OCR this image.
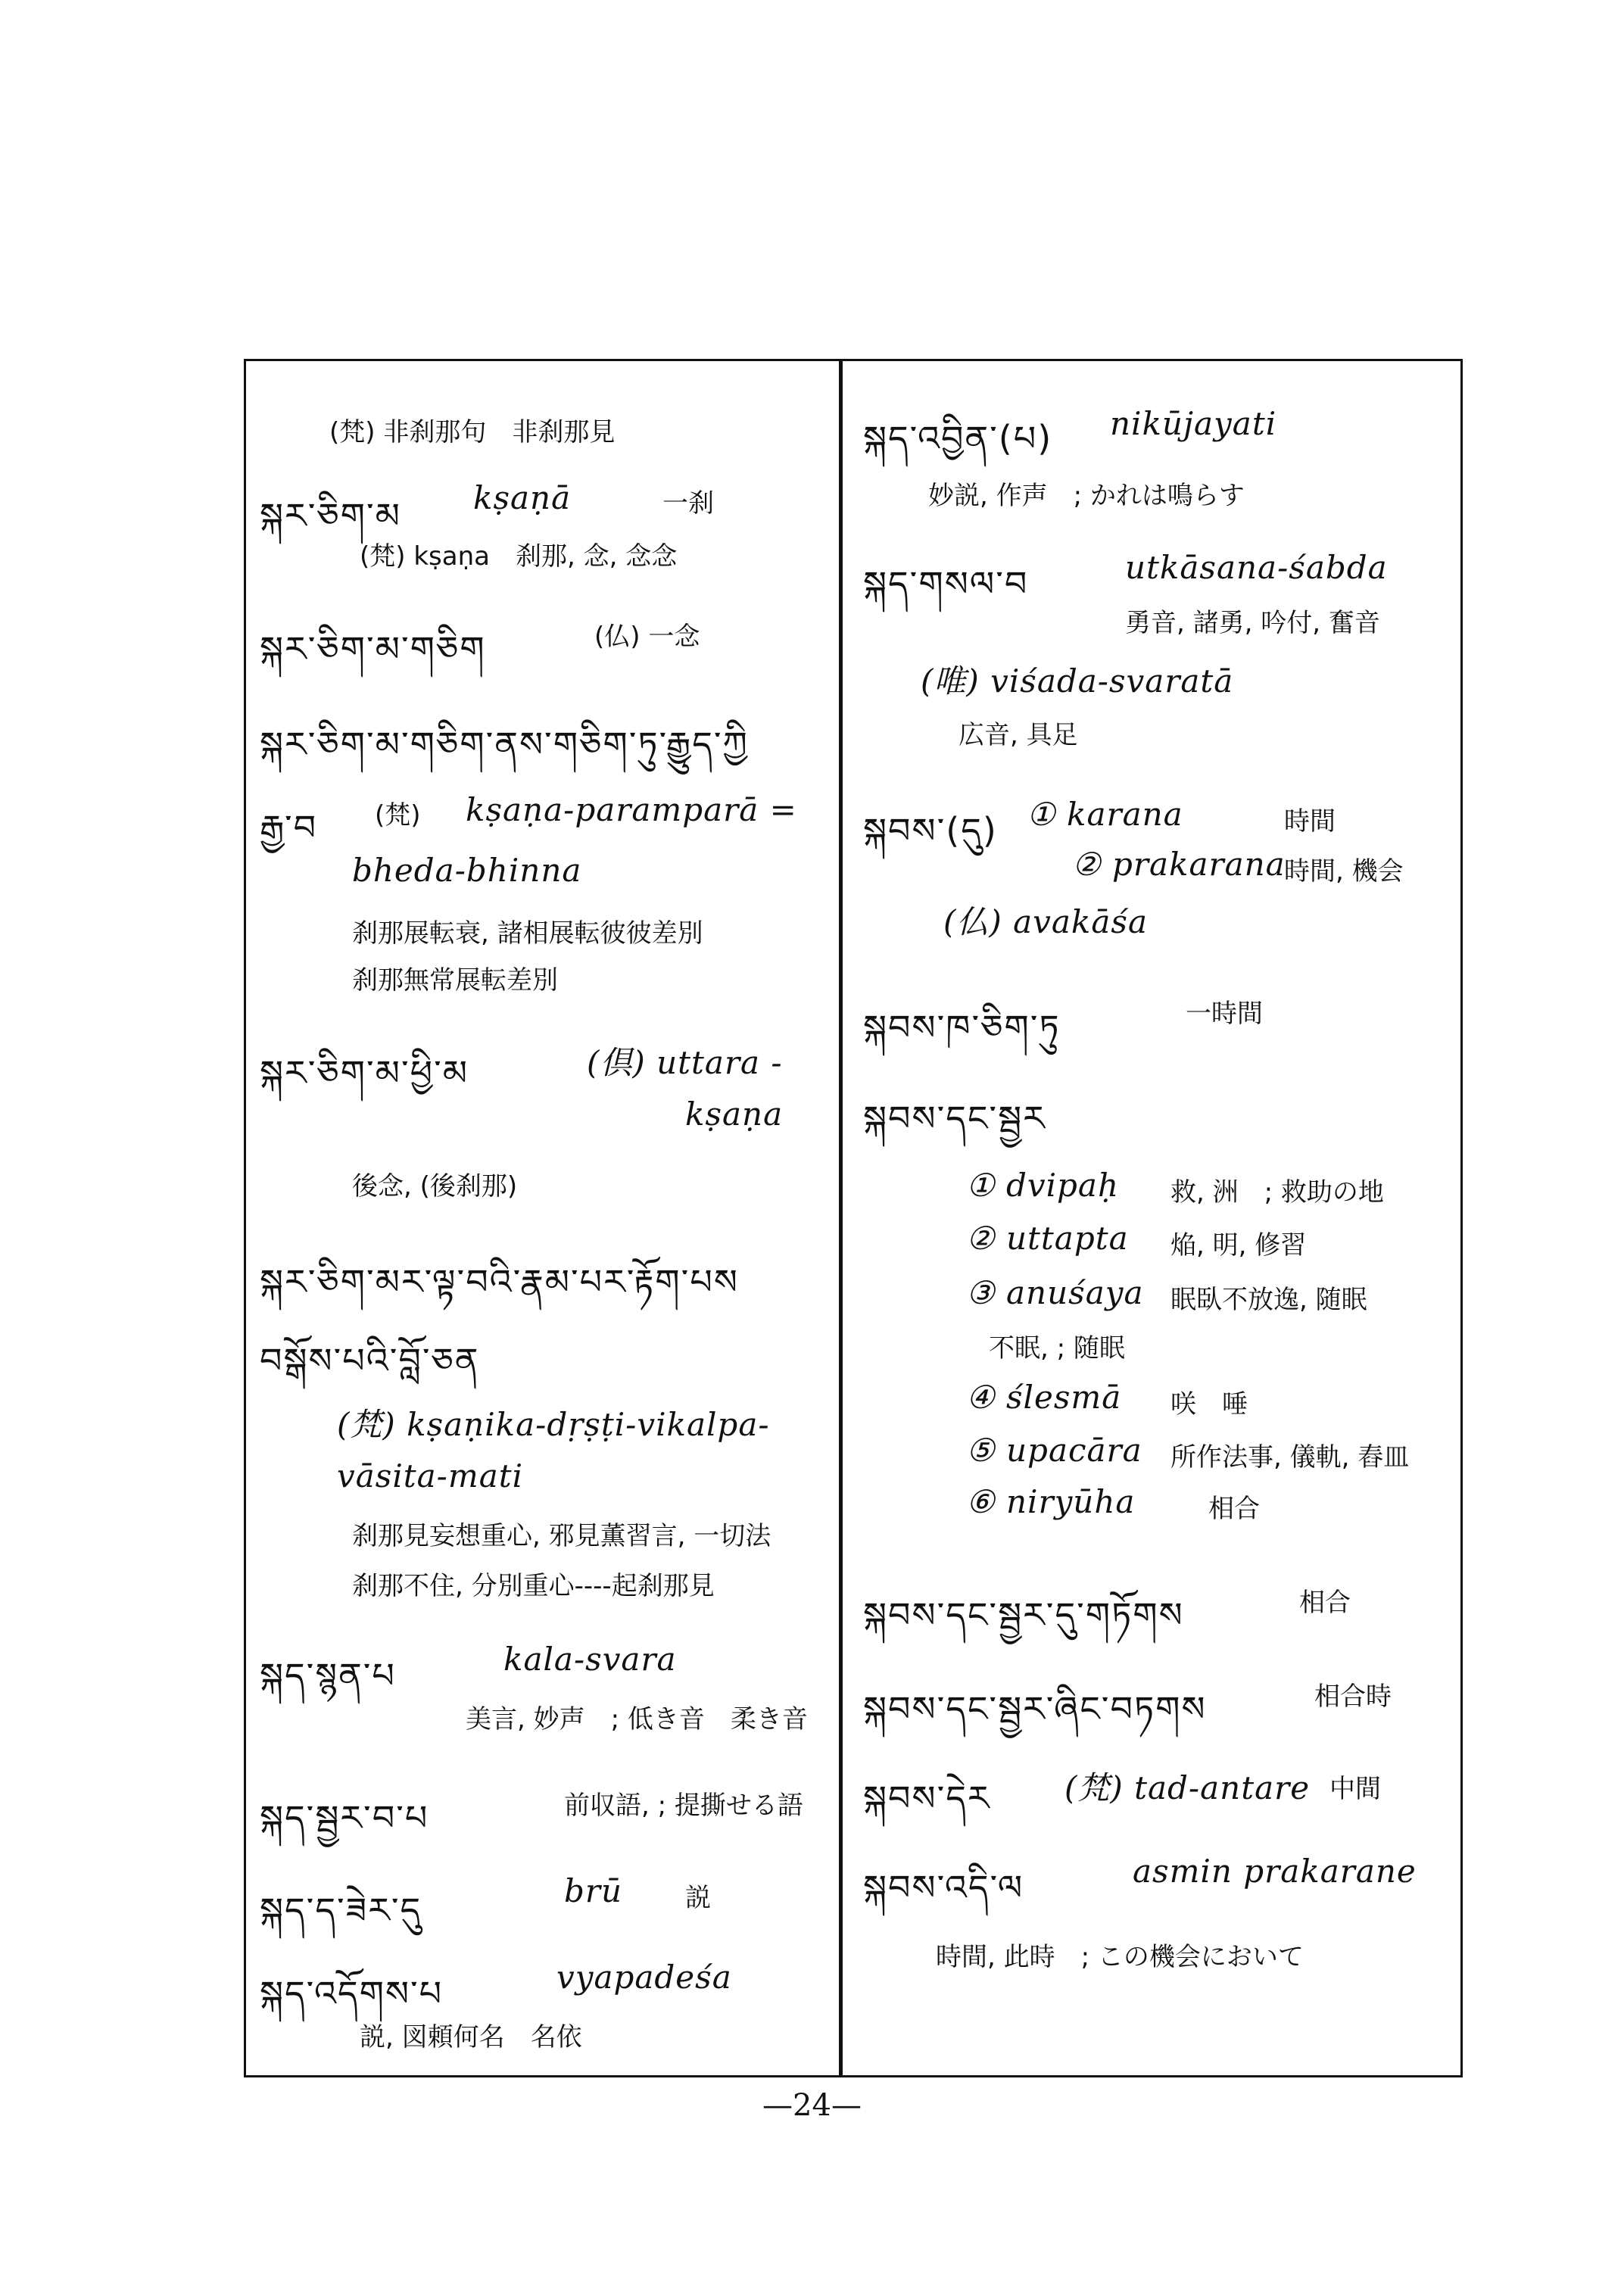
(梵) 非刹那句　非刹那見
སྐར་ཅིག་མ kṣaṇā	一刹
(梵) kṣaṇa　刹那, 念, 念念
སྐར་ཅིག་མ་གཅིག	(仏) 一念
སྐར་ཅིག་མ་གཅིག་ནས་གཅིག་ཏུ་རྒྱུད་ཀྱི
རྒྱ་བ (梵) kṣaṇa-paramparā =
bheda-bhinna
刹那展転衰, 諸相展転彼彼差別
刹那無常展転差別
སྐར་ཅིག་མ་ཕྱི་མ	(倶) uttara -
kṣaṇa
後念, (後刹那)
སྐར་ཅིག་མར་ལྟ་བའི་རྣམ་པར་རྟོག་པས
བསྒོས་པའི་བློ་ཅན
(梵) kṣaṇika-dṛṣṭi-vikalpa-
vāsita-mati
刹那見妄想重心, 邪見薫習言, 一切法
刹那不住, 分別重心----起刹那見
སྐད་སྙན་པ	kala-svara
美言, 妙声　; 低き音　柔き音
སྐད་སྦྱར་བ་པ	前収語, ; 提撕せる語
སྐད་ད་ཟེར་དུ	brū 説
སྐད་འདོགས་པ	vyapadeśa
説, 図頼何名　名依
སྐད་འབྱིན་(པ) nikūjayati
妙説, 作声　; かれは鳴らす
སྐད་གསལ་བ	utkāsana-śabda
勇音, 諸勇, 吟付, 奮音
(唯) viśada-svaratā
広音, 具足
སྐབས་(དུ) ① karana	時間
② prakarana
時間, 機会
(仏) avakāśa
སྐབས་ཁ་ཅིག་ཏུ	一時間
སྐབས་དང་སྦྱར
① dvipaḥ 救, 洲　; 救助の地
② uttapta 焔, 明, 修習
③ anuśaya 眠臥不放逸, 随眠
不眠, ; 随眠
④ ślesmā 咲　唾
⑤ upacāra 所作法事, 儀軌, 舂皿
⑥ niryūha	相合
སྐབས་དང་སྦྱར་དུ་གཏོགས	相合
སྐབས་དང་སྦྱར་ཞིང་བཏགས	相合時
སྐབས་དེར (梵) tad-antare 中間
སྐབས་འདི་ལ	asmin prakarane
時間, 此時　; この機会において
—24—
